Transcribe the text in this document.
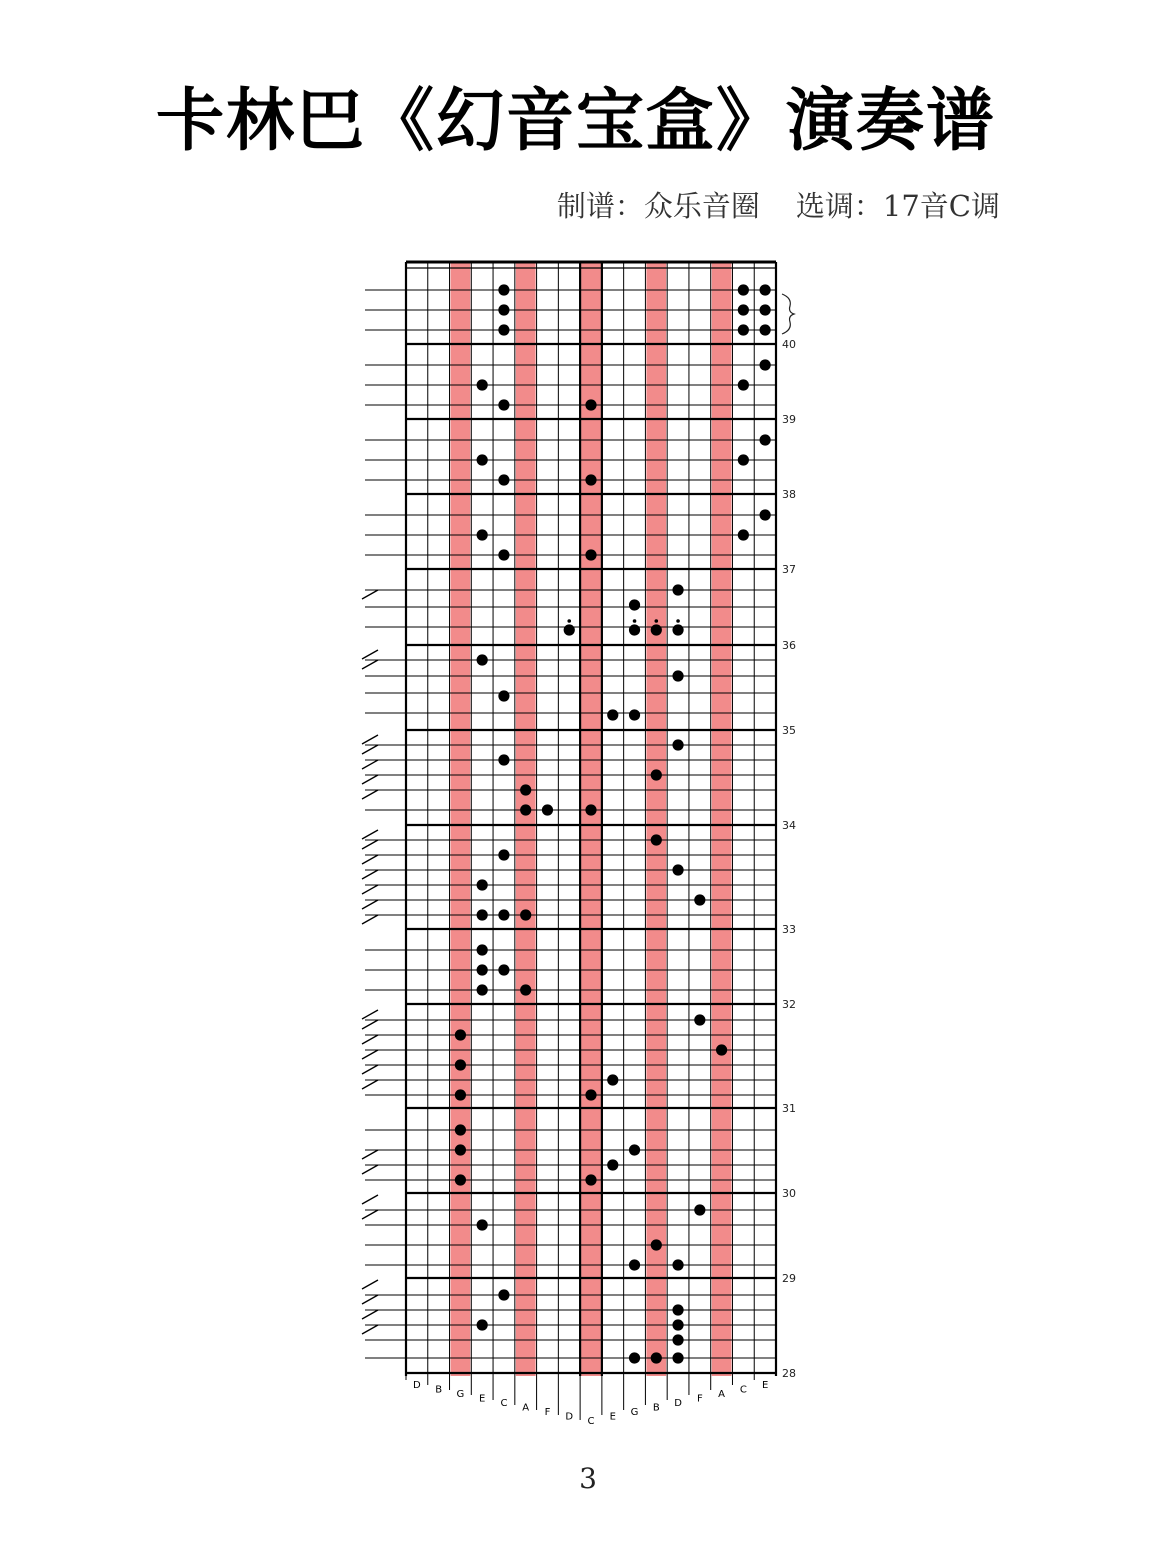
卡林巴《幻音宝盒》演奏谱
制谱：众乐音圈 选调：17音C调
40
39
38
37
36
35
34
33
32
31
30
29
28
D B G E C A F D C E G B D F A C E
3
